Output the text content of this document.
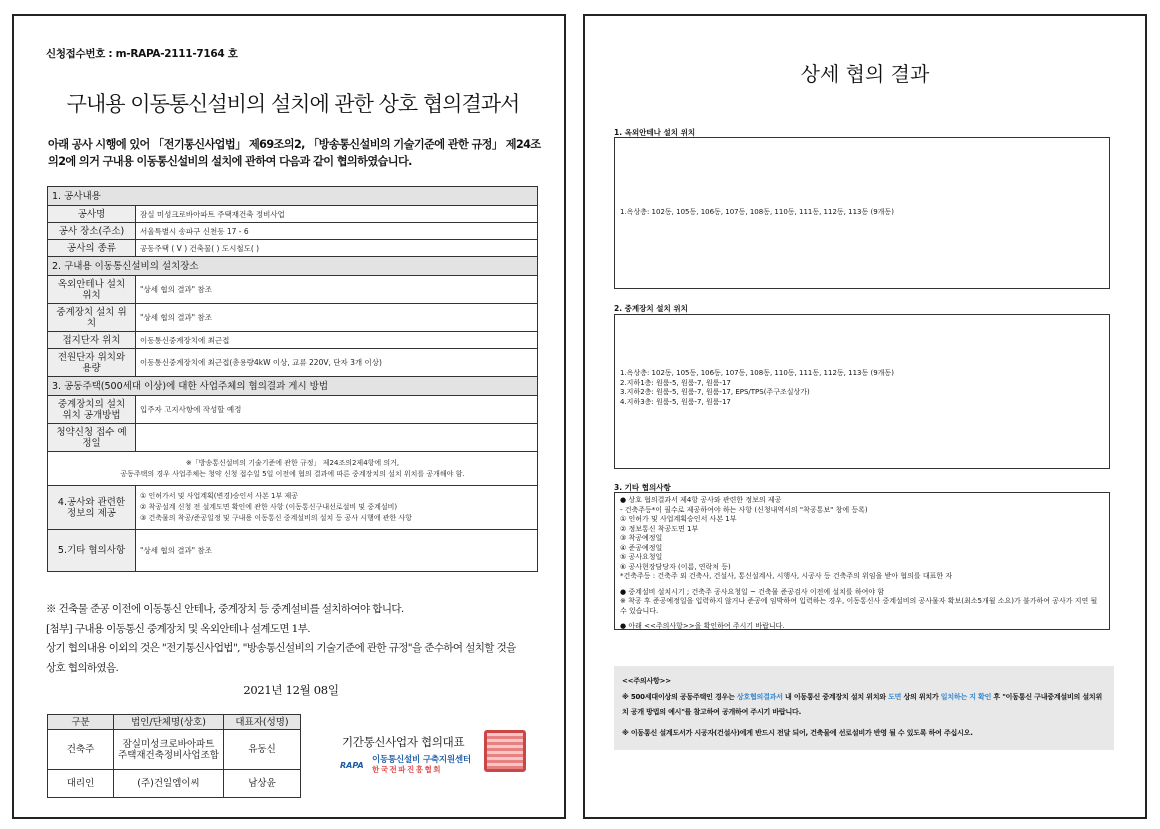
신청접수번호 : m-RAPA-2111-7164 호
구내용 이동통신설비의 설치에 관한 상호 협의결과서
아래 공사 시행에 있어 「전기통신사업법」 제69조의2, 「방송통신설비의 기술기준에 관한 규정」 제24조의2에 의거 구내용 이동통신설비의 설치에 관하여 다음과 같이 협의하였습니다.
1. 공사내용	
공사명	잠실 미성크로바아파트 주택재건축 정비사업
공사 장소(주소)	서울특별시 송파구 신천동 17 - 6
공사의 종류	공동주택 ( V ) 건축물( ) 도시철도( )
2. 구내용 이동통신설비의 설치장소	
옥외안테나 설치 위치	"상세 협의 결과" 참조
중계장치 설치 위치	"상세 협의 결과" 참조
접지단자 위치	이동통신중계장치에 최근접
전원단자 위치와 용량	이동통신중계장치에 최근접(총용량4kW 이상, 교류 220V, 단자 3개 이상)
3. 공동주택(500세대 이상)에 대한 사업주체의 협의결과 게시 방법	
중계장치의 설치 위치 공개방법	입주자 고지사항에 작성할 예정
청약신청 접수 예정일	

※「방송통신설비의 기술기준에 관한 규정」 제24조의2제4항에 의거,
공동주택의 경우 사업주체는 청약 신청 접수일 5일 이전에 협의 결과에 따른 중계장치의 설치 위치를 공개해야 함.	

4.공사와 관련한 정보의 제공	① 인허가서 및 사업계획(변경)승인서 사본 1부 제공
② 착공설계 신청 전 설계도면 확인에 관한 사항 (이동통신구내선로설비 및 중계설비)
③ 건축물의 착공/준공일정 및 구내용 이동통신 중계설비의 설치 등 공사 시행에 관한 사항

5.기타 협의사항	"상세 협의 결과" 참조
※ 건축물 준공 이전에 이동통신 안테나, 중계장치 등 중계설비를 설치하여야 합니다.
[첨부] 구내용 이동통신 중계장치 및 옥외안테나 설계도면 1부.
상기 협의내용 이외의 것은 "전기통신사업법", "방송통신설비의 기술기준에 관한 규정"을 준수하여 설치할 것을
상호 협의하였음.
2021년 12월 08일
구분	법인/단체명(상호)	대표자(성명)
건축주	잠실미성크로바아파트 주택재건축정비사업조합	유동신
대리인	(주)건일엠이씨	남상윤
기간통신사업자 협의대표
RAPA
이동통신설비 구축지원센터
한국전파진흥협회
상세 협의 결과
1. 옥외안테나 설치 위치
1.옥상층: 102동, 105동, 106동, 107동, 108동, 110동, 111동, 112동, 113동 (9개동)
2. 중계장치 설치 위치
1.옥상층: 102동, 105동, 106동, 107동, 108동, 110동, 111동, 112동, 113동 (9개동)
2.지하1층: 원룸-5, 원룸-7, 원룸-17
3.지하2층: 원룸-5, 원룸-7, 원룸-17, EPS/TPS(주구조실상가)
4.지하3층: 원룸-5, 원룸-7, 원룸-17
3. 기타 협의사항
● 상호 협의결과서 제4항 공사와 관련한 정보의 제공
- 건축주등*이 필수로 제공하여야 하는 사항 (신청내역서의 "착공통보" 창에 등록)
① 인허가 및 사업계획승인서 사본 1부
② 정보통신 착공도면 1부
③ 착공예정일
④ 준공예정일
⑤ 공사요청일
⑥ 공사현장담당자 (이름, 연락처 등)
*건축주등 : 건축주 외 건축사, 건설사, 통신설계사, 시행사, 시공사 등 건축주의 위임을 받아 협의를 대표한 자
● 중계설비 설치시기 ; 건축주 공사요청일 ~ 건축물 준공검사 이전에 설치를 하여야 함
※ 착공 후 준공예정일을 입력하지 않거나 준공에 임박하여 입력하는 경우, 이동통신사 중계설비의 공사물자 확보(최소5개월 소요)가 불가하여 공사가 지연 될 수 있습니다.
● 아래 <<주의사항>>을 확인하여 주시기 바랍니다.
<<주의사항>>
※ 500세대이상의 공동주택인 경우는 상호협의결과서 내 이동통신 중계장치 설치 위치와 도면 상의 위치가 일치하는 지 확인 후 "이동통신 구내중계설비의 설치위치 공개 방법의 예시"를 참고하여 공개하여 주시기 바랍니다.
※ 이동통신 설계도서가 시공자(건설사)에게 반드시 전달 되어, 건축물에 선로설비가 반영 될 수 있도록 하여 주십시오.
